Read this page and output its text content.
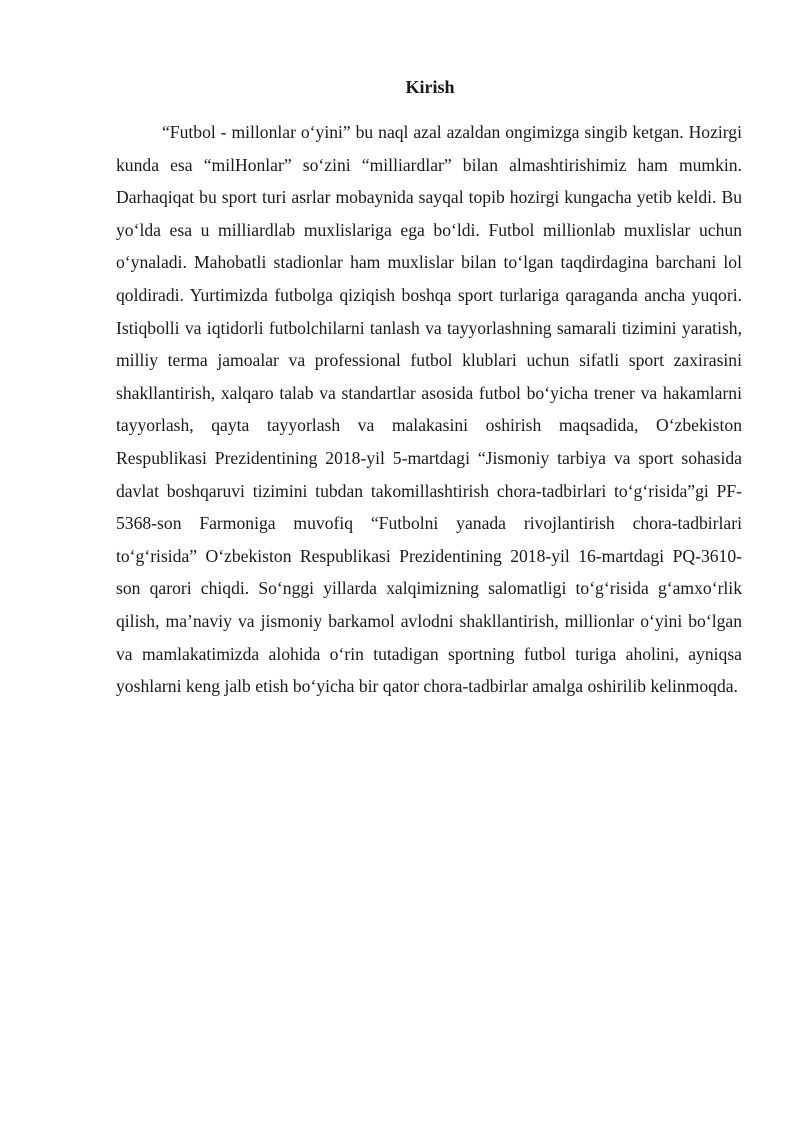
Kirish

“Futbol - millonlar o‘yini” bu naql azal azaldan ongimizga singib ketgan. Hozirgi kunda esa “milHonlar” so‘zini “milliardlar” bilan almashtirishimiz ham mumkin. Darhaqiqat bu sport turi asrlar mobaynida sayqal topib hozirgi kungacha yetib keldi. Bu yo‘lda esa u milliardlab muxlislariga ega bo‘ldi. Futbol millionlab muxlislar uchun o‘ynaladi. Mahobatli stadionlar ham muxlislar bilan to‘lgan taqdirdagina barchani lol qoldiradi. Yurtimizda futbolga qiziqish boshqa sport turlariga qaraganda ancha yuqori. Istiqbolli va iqtidorli futbolchilarni tanlash va tayyorlashning samarali tizimini yaratish, milliy terma jamoalar va professional futbol klublari uchun sifatli sport zaxirasini shakllantirish, xalqaro talab va standartlar asosida futbol bo‘yicha trener va hakamlarni tayyorlash, qayta tayyorlash va malakasini oshirish maqsadida, O‘zbekiston Respublikasi Prezidentining 2018-yil 5-martdagi “Jismoniy tarbiya va sport sohasida davlat boshqaruvi tizimini tubdan takomillashtirish chora-tadbirlari to‘g‘risida”gi PF-5368-son Farmoniga muvofiq “Futbolni yanada rivojlantirish chora-tadbirlari to‘g‘risida” O‘zbekiston Respublikasi Prezidentining 2018-yil 16-martdagi PQ-3610-son qarori chiqdi. So‘nggi yillarda xalqimizning salomatligi to‘g‘risida g‘amxo‘rlik qilish, ma’naviy va jismoniy barkamol avlodni shakllantirish, millionlar o‘yini bo‘lgan va mamlakatimizda alohida o‘rin tutadigan sportning futbol turiga aholini, ayniqsa yoshlarni keng jalb etish bo‘yicha bir qator chora-tadbirlar amalga oshirilib kelinmoqda.
